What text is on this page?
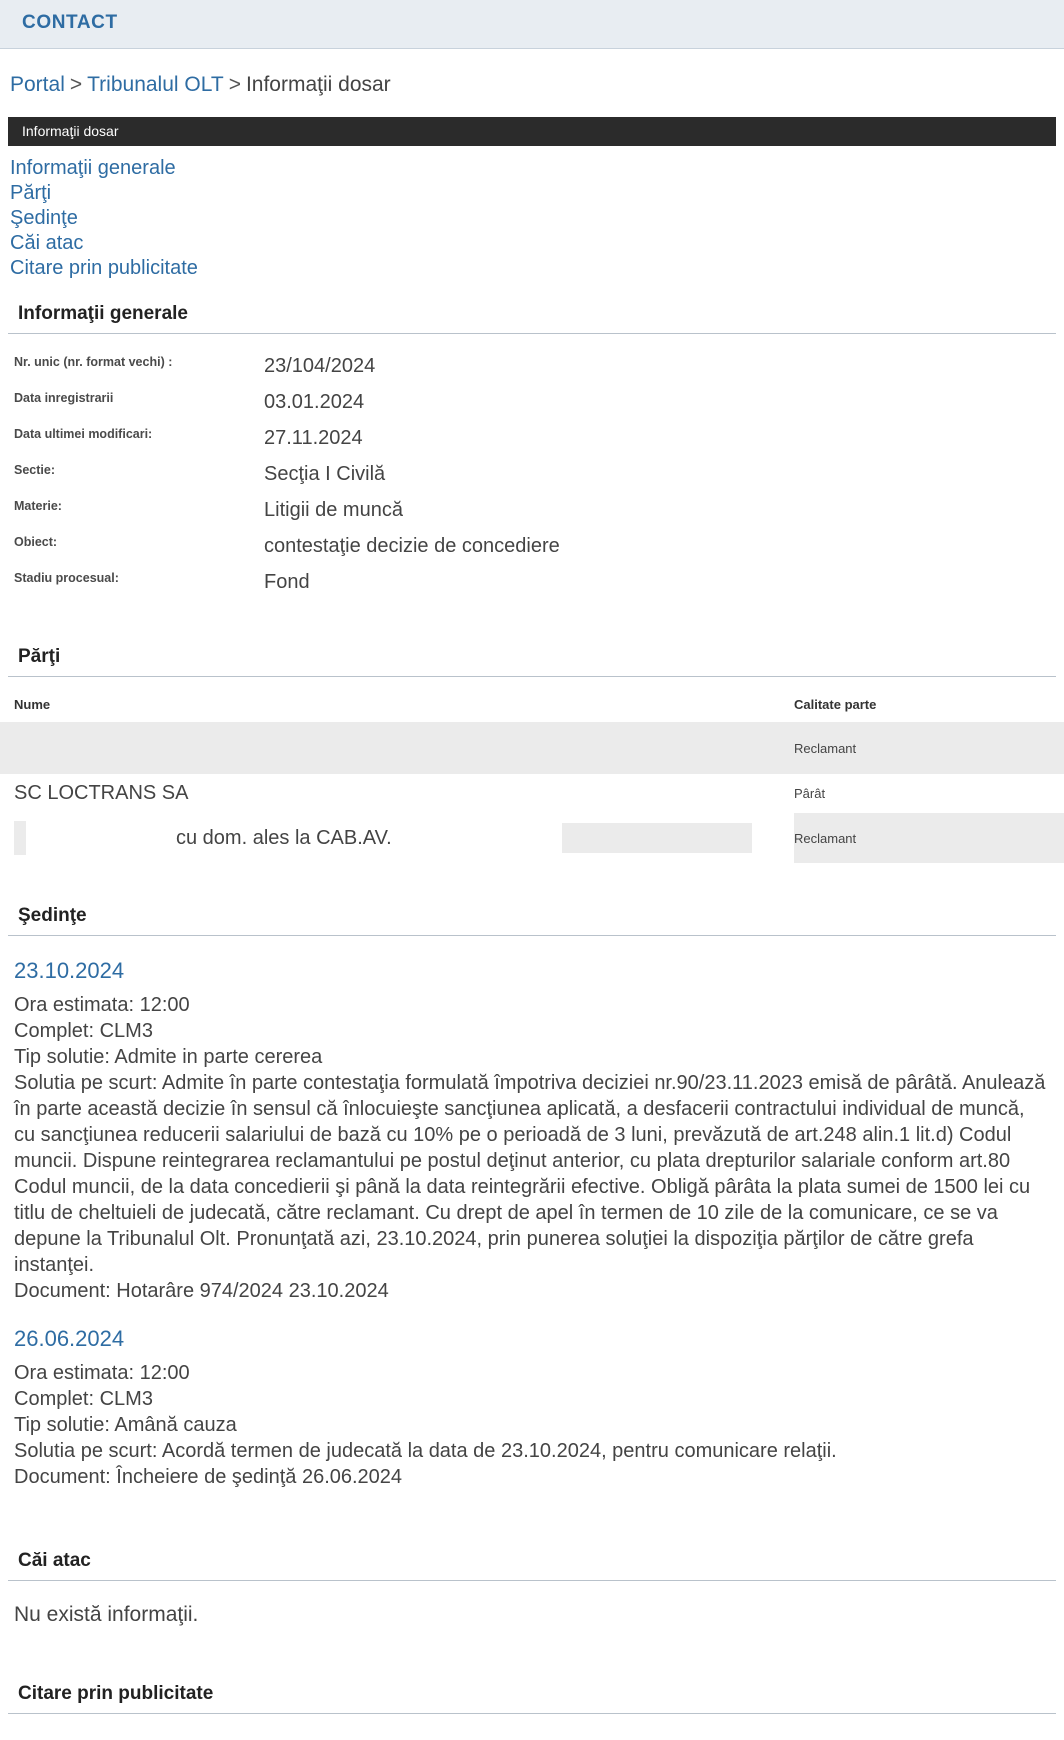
CONTACT
Portal > Tribunalul OLT > Informaţii dosar
Informaţii dosar
Informaţii generale
Părţi
Şedinţe
Căi atac
Citare prin publicitate
Informaţii generale
Nr. unic (nr. format vechi) :	23/104/2024
Data inregistrarii	03.01.2024
Data ultimei modificari:	27.11.2024
Sectie:	Secţia I Civilă
Materie:	Litigii de muncă
Obiect:	contestaţie decizie de concediere
Stadiu procesual:	Fond
Părţi
Nume	Calitate parte
	Reclamant
SC LOCTRANS SA	Pârât

cu dom. ales la CAB.AV.	Reclamant
Şedinţe
23.10.2024
Ora estimata: 12:00
Complet: CLM3
Tip solutie: Admite in parte cererea
Solutia pe scurt: Admite în parte contestaţia formulată împotriva deciziei nr.90/23.11.2023 emisă de pârâtă. Anulează în parte această decizie în sensul că înlocuieşte sancţiunea aplicată, a desfacerii contractului individual de muncă, cu sancţiunea reducerii salariului de bază cu 10% pe o perioadă de 3 luni, prevăzută de art.248 alin.1 lit.d) Codul muncii. Dispune reintegrarea reclamantului pe postul deţinut anterior, cu plata drepturilor salariale conform art.80 Codul muncii, de la data concedierii şi până la data reintegrării efective. Obligă pârâta la plata sumei de 1500 lei cu titlu de cheltuieli de judecată, către reclamant. Cu drept de apel în termen de 10 zile de la comunicare, ce se va depune la Tribunalul Olt. Pronunţată azi, 23.10.2024, prin punerea soluţiei la dispoziţia părţilor de către grefa instanţei.
Document: Hotarâre 974/2024 23.10.2024
26.06.2024
Ora estimata: 12:00
Complet: CLM3
Tip solutie: Amână cauza
Solutia pe scurt: Acordă termen de judecată la data de 23.10.2024, pentru comunicare relaţii.
Document: Încheiere de şedinţă 26.06.2024
Căi atac
Nu există informaţii.
Citare prin publicitate
